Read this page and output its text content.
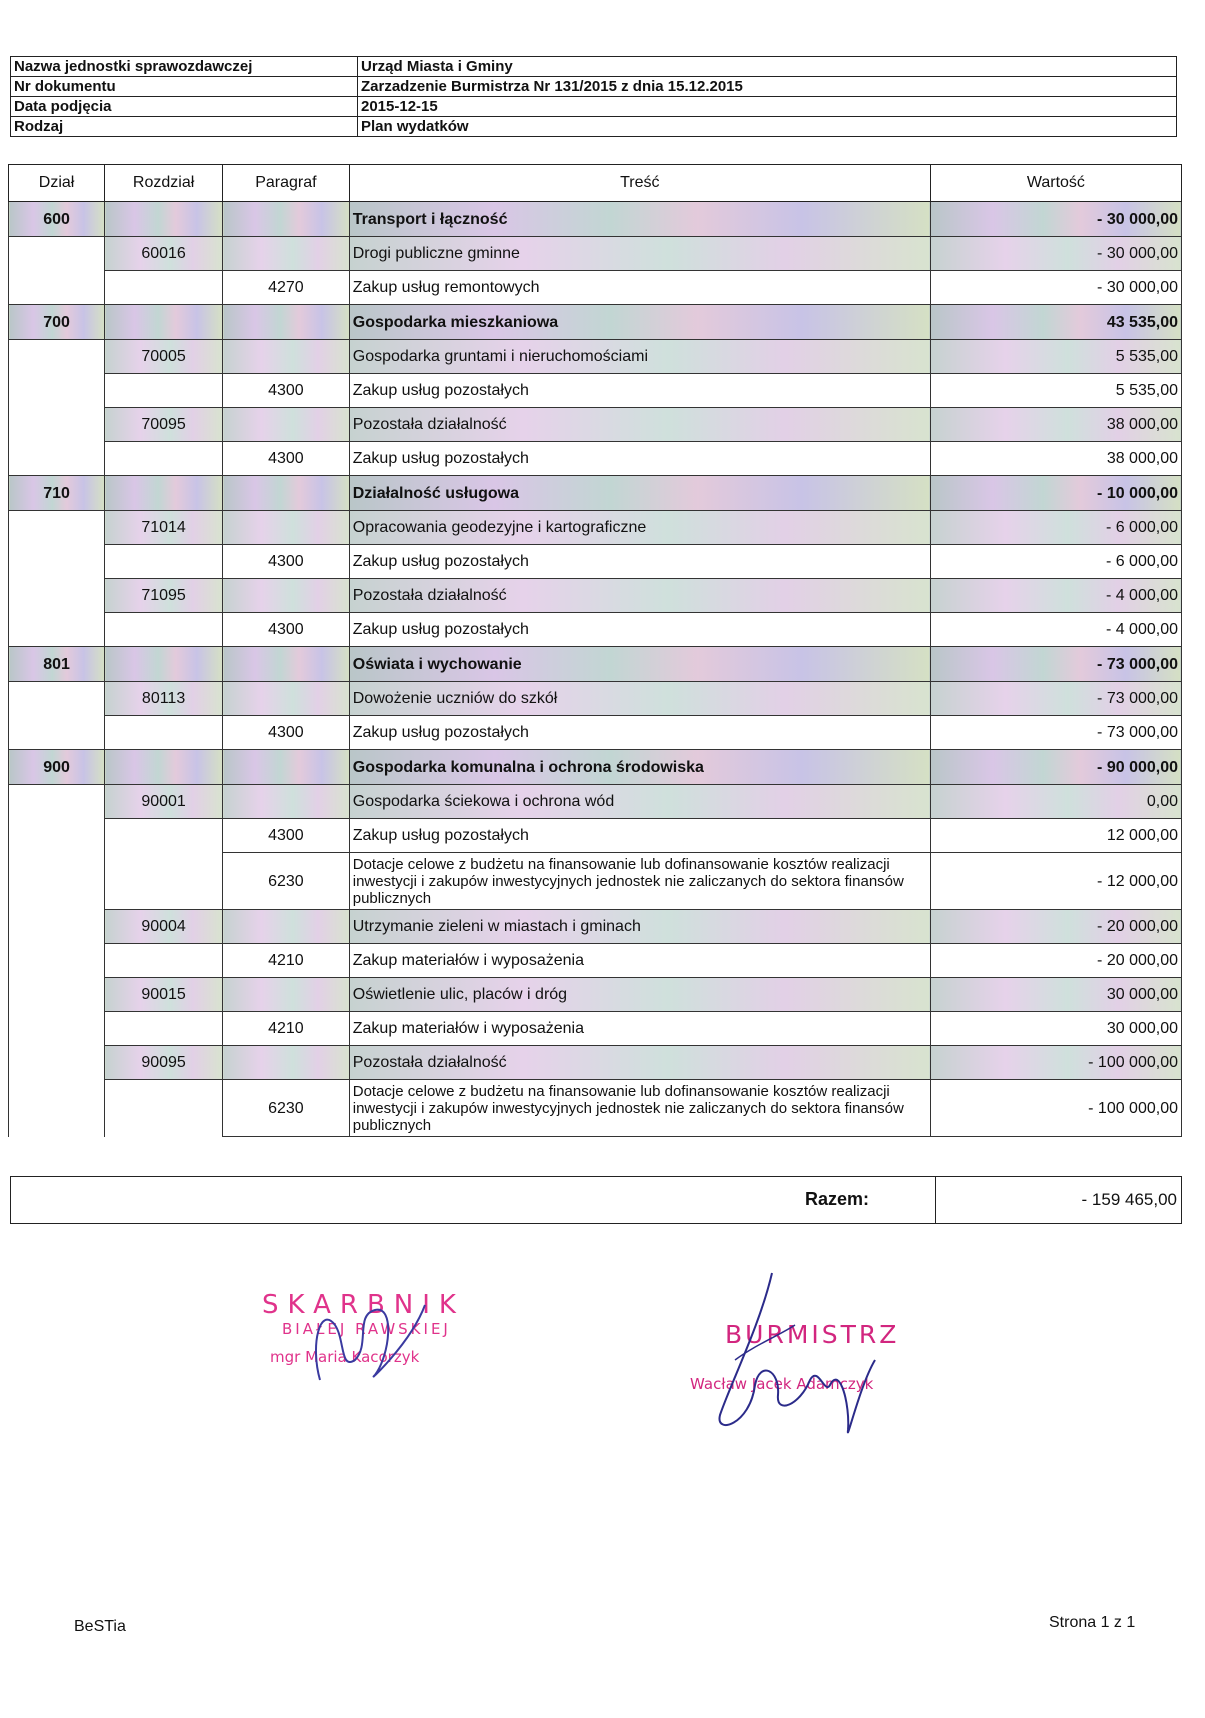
Nazwa jednostki sprawozdawczej	Urząd Miasta i Gminy
Nr dokumentu	Zarzadzenie Burmistrza Nr 131/2015 z dnia 15.12.2015
Data podjęcia	2015-12-15
Rodzaj	Plan wydatków
Dział	Rozdział	Paragraf	Treść	Wartość
600			Transport i łączność	- 30 000,00
	60016		Drogi publiczne gminne	- 30 000,00
		4270	Zakup usług remontowych	- 30 000,00
700			Gospodarka mieszkaniowa	43 535,00
	70005		Gospodarka gruntami i nieruchomościami	5 535,00
		4300	Zakup usług pozostałych	5 535,00
	70095		Pozostała działalność	38 000,00
		4300	Zakup usług pozostałych	38 000,00
710			Działalność usługowa	- 10 000,00
	71014		Opracowania geodezyjne i kartograficzne	- 6 000,00
		4300	Zakup usług pozostałych	- 6 000,00
	71095		Pozostała działalność	- 4 000,00
		4300	Zakup usług pozostałych	- 4 000,00
801			Oświata i wychowanie	- 73 000,00
	80113		Dowożenie uczniów do szkół	- 73 000,00
		4300	Zakup usług pozostałych	- 73 000,00
900			Gospodarka komunalna i ochrona środowiska	- 90 000,00
	90001		Gospodarka ściekowa i ochrona wód	0,00
		4300	Zakup usług pozostałych	12 000,00
		6230	Dotacje celowe z budżetu na finansowanie lub dofinansowanie kosztów realizacji inwestycji i zakupów inwestycyjnych jednostek nie zaliczanych do sektora finansów publicznych	- 12 000,00
	90004		Utrzymanie zieleni w miastach i gminach	- 20 000,00
		4210	Zakup materiałów i wyposażenia	- 20 000,00
	90015		Oświetlenie ulic, placów i dróg	30 000,00
		4210	Zakup materiałów i wyposażenia	30 000,00
	90095		Pozostała działalność	- 100 000,00
		6230	Dotacje celowe z budżetu na finansowanie lub dofinansowanie kosztów realizacji inwestycji i zakupów inwestycyjnych jednostek nie zaliczanych do sektora finansów publicznych	- 100 000,00
Razem:	- 159 465,00
SKARBNIK
BIAŁEJ RAWSKIEJ
mgr Maria Kacorzyk
BURMISTRZ
Wacław Jacek Adamczyk
BeSTia	Strona 1 z 1
